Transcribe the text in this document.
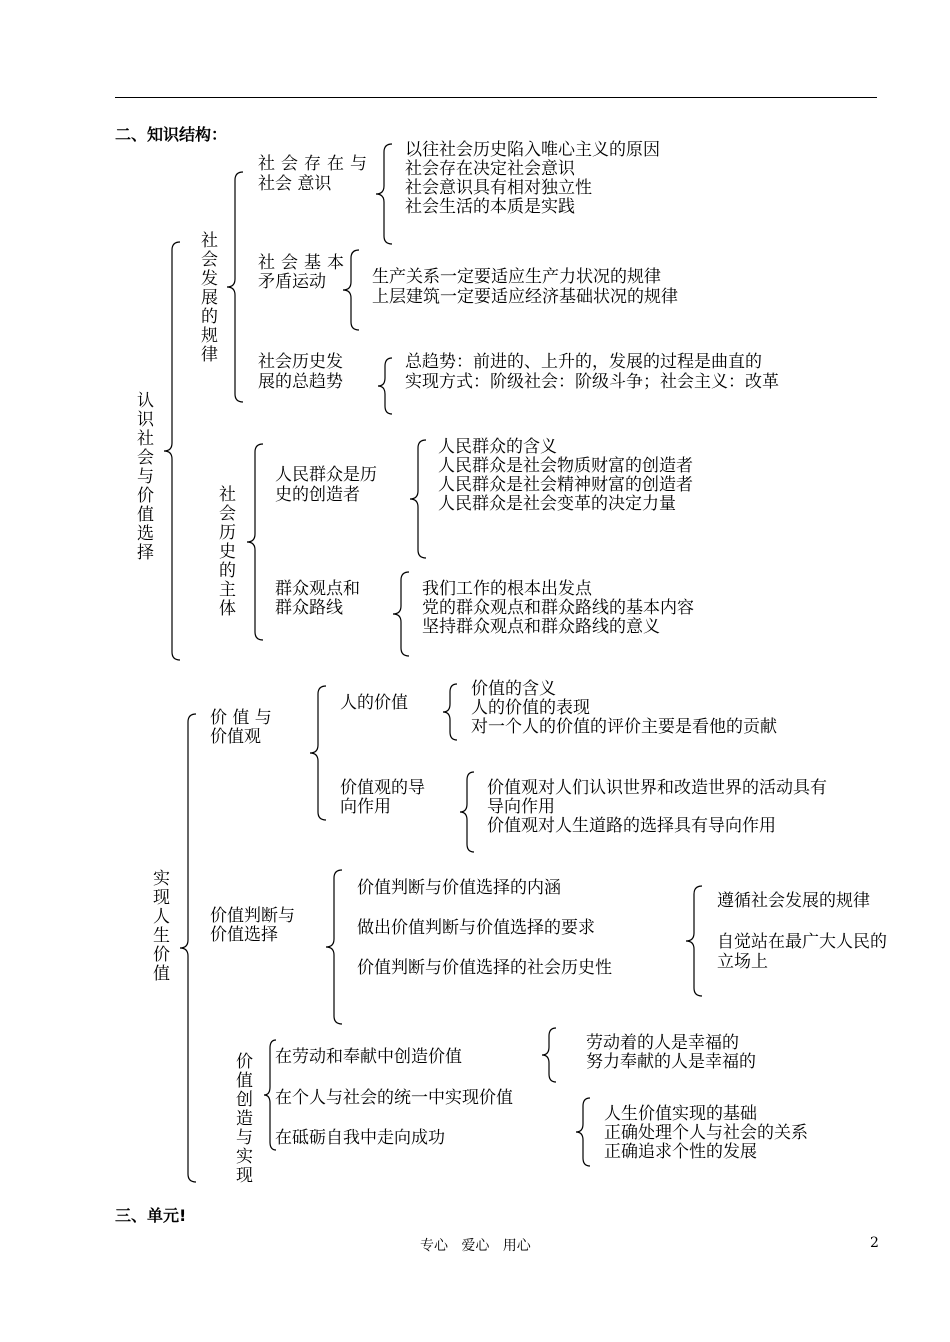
二、知识结构：
认识社会与价值选择
社会发展的规律
社会存在与
社会 意识
以往社会历史陷入唯心主义的原因
社会存在决定社会意识
社会意识具有相对独立性
社会生活的本质是实践
社会基本
矛盾运动	生产关系一定要适应生产力状况的规律
上层建筑一定要适应经济基础状况的规律
社会历史发
展的总趋势
总趋势：前进的、上升的，发展的过程是曲直的
实现方式：阶级社会：阶级斗争；社会主义：改革
社会历史的主体
人民群众是历
史的创造者
人民群众的含义
人民群众是社会物质财富的创造者
人民群众是社会精神财富的创造者
人民群众是社会变革的决定力量
群众观点和
群众路线
我们工作的根本出发点
党的群众观点和群众路线的基本内容
坚持群众观点和群众路线的意义
实现人生价值
价 值 与
价值观
人的价值
价值的含义
人的价值的表现
对一个人的价值的评价主要是看他的贡献
价值观的导
向作用
价值观对人们认识世界和改造世界的活动具有
导向作用
价值观对人生道路的选择具有导向作用
价值判断与
价值选择
价值判断与价值选择的内涵
做出价值判断与价值选择的要求
价值判断与价值选择的社会历史性
遵循社会发展的规律
自觉站在最广大人民的
立场上
价值创造与实现
在劳动和奉献中创造价值
在个人与社会的统一中实现价值
在砥砺自我中走向成功
劳动着的人是幸福的
努力奉献的人是幸福的
人生价值实现的基础
正确处理个人与社会的关系
正确追求个性的发展
三、单元!
专心   爱心   用心	2
